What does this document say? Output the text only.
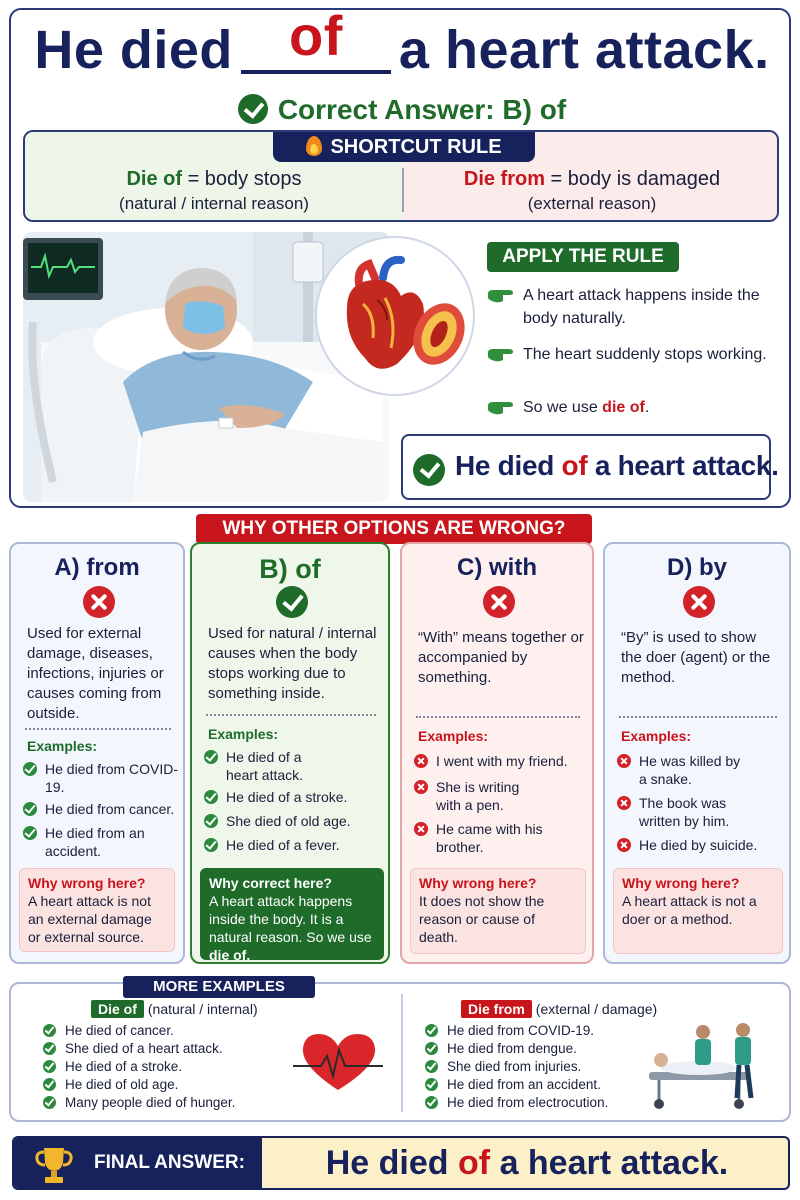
He died	of	a heart attack.
Correct Answer: B) of
Die of = body stops
(natural / internal reason)
Die from = body is damaged
(external reason)
SHORTCUT RULE
APPLY THE RULE
A heart attack happens inside the body naturally.
The heart suddenly stops working.
So we use die of.
He died of a heart attack.
WHY OTHER OPTIONS ARE WRONG?
A) from
Used for external damage, diseases, infections, injuries or causes coming from outside.
Examples:
He died from COVID-19.
He died from cancer.
He died from an accident.
Why wrong here?
A heart attack is not an external damage or external source.
B) of
Used for natural / internal causes when the body stops working due to something inside.
Examples:
He died of a heart attack.
He died of a stroke.
She died of old age.
He died of a fever.
Why correct here?
A heart attack happens inside the body. It is a natural reason. So we use die of.
C) with
“With” means together or accompanied by something.
Examples:
I went with my friend.
She is writing with a pen.
He came with his brother.
Why wrong here?
It does not show the reason or cause of death.
D) by
“By” is used to show the doer (agent) or the method.
Examples:
He was killed by a snake.
The book was written by him.
He died by suicide.
Why wrong here?
A heart attack is not a doer or a method.
MORE EXAMPLES
Die of (natural / internal)
He died of cancer.
She died of a heart attack.
He died of a stroke.
He died of old age.
Many people died of hunger.
Die from (external / damage)
He died from COVID-19.
He died from dengue.
She died from injuries.
He died from an accident.
He died from electrocution.
FINAL ANSWER:	He died of a heart attack.
